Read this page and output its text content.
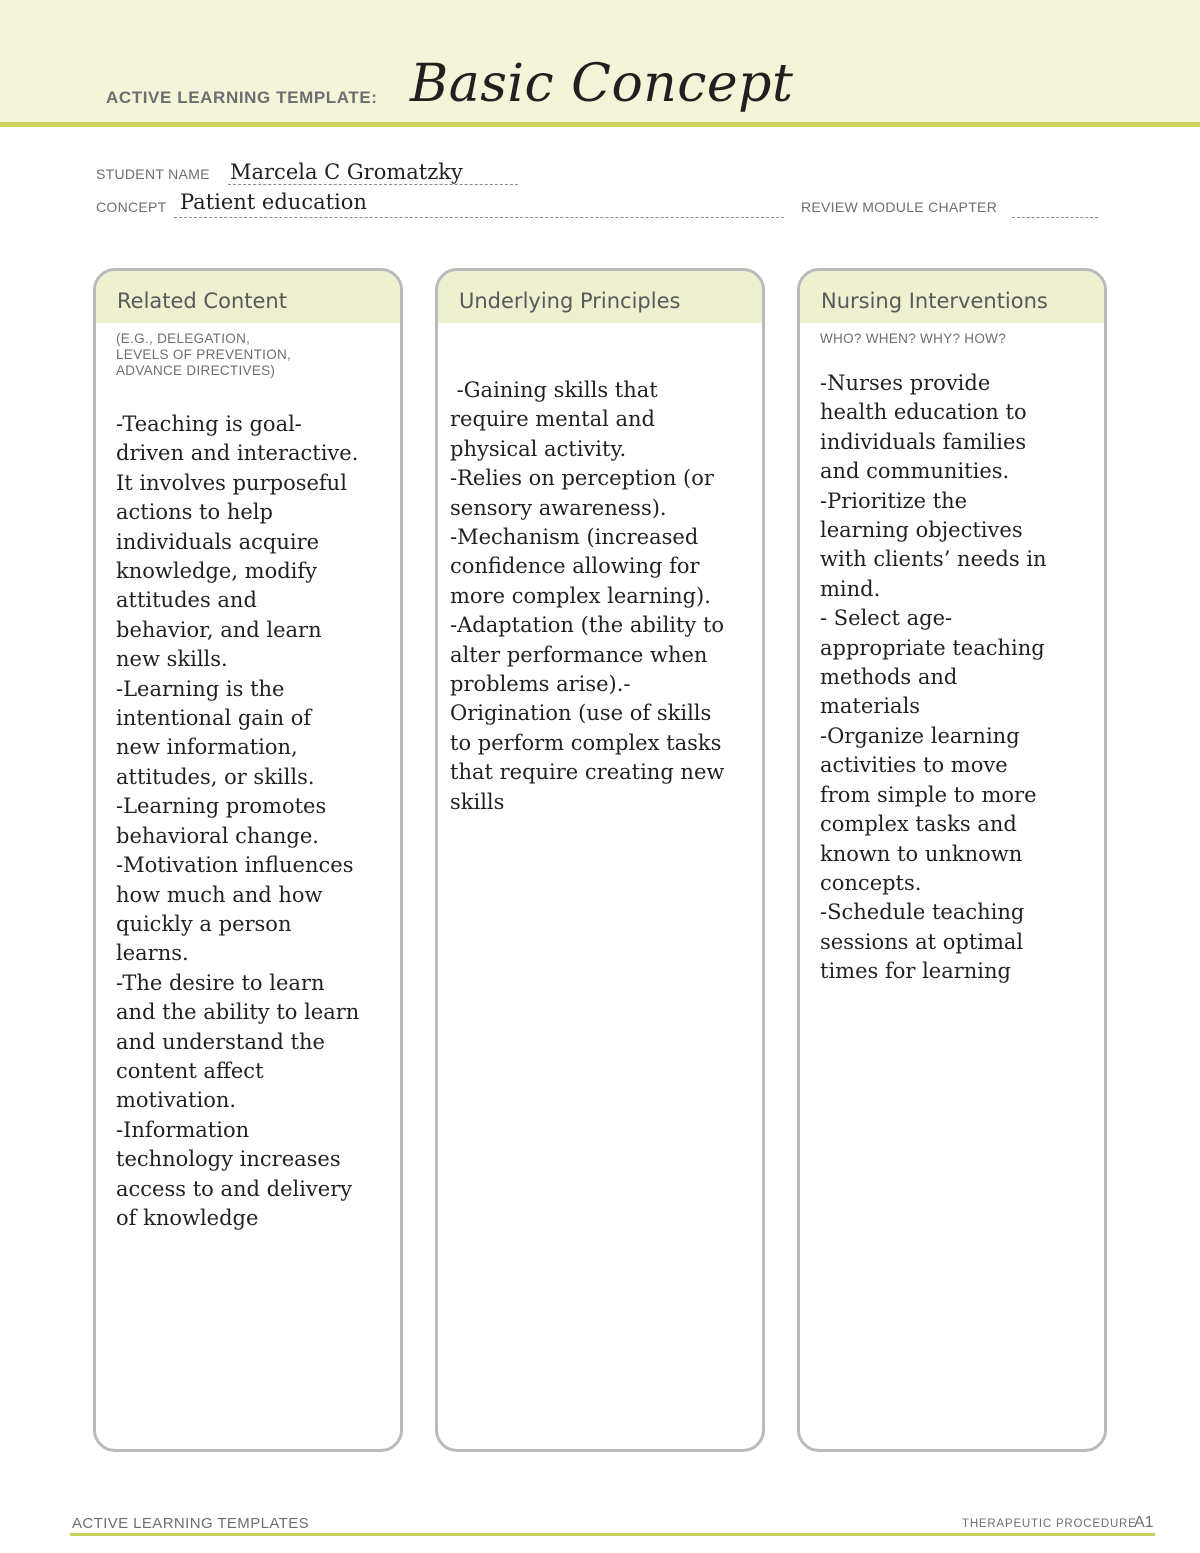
ACTIVE LEARNING TEMPLATE: Basic Concept
STUDENT NAME Marcela C Gromatzky
CONCEPT Patient education	REVIEW MODULE CHAPTER
Related Content
(E.G., DELEGATION,
LEVELS OF PREVENTION,
ADVANCE DIRECTIVES)
-Teaching is goal-
driven and interactive.
It involves purposeful
actions to help
individuals acquire
knowledge, modify
attitudes and
behavior, and learn
new skills.
-Learning is the
intentional gain of
new information,
attitudes, or skills.
-Learning promotes
behavioral change.
-Motivation influences
how much and how
quickly a person
learns.
-The desire to learn
and the ability to learn
and understand the
content affect
motivation.
-Information
technology increases
access to and delivery
of knowledge
Underlying Principles
-Gaining skills that
require mental and
physical activity.
-Relies on perception (or
sensory awareness).
-Mechanism (increased
confidence allowing for
more complex learning).
-Adaptation (the ability to
alter performance when
problems arise).-
Origination (use of skills
to perform complex tasks
that require creating new
skills
Nursing Interventions
WHO? WHEN? WHY? HOW?
-Nurses provide
health education to
individuals families
and communities.
-Prioritize the
learning objectives
with clients’ needs in
mind.
- Select age-
appropriate teaching
methods and
materials
-Organize learning
activities to move
from simple to more
complex tasks and
known to unknown
concepts.
-Schedule teaching
sessions at optimal
times for learning
ACTIVE LEARNING TEMPLATES	THERAPEUTIC PROCEDURE
A1
